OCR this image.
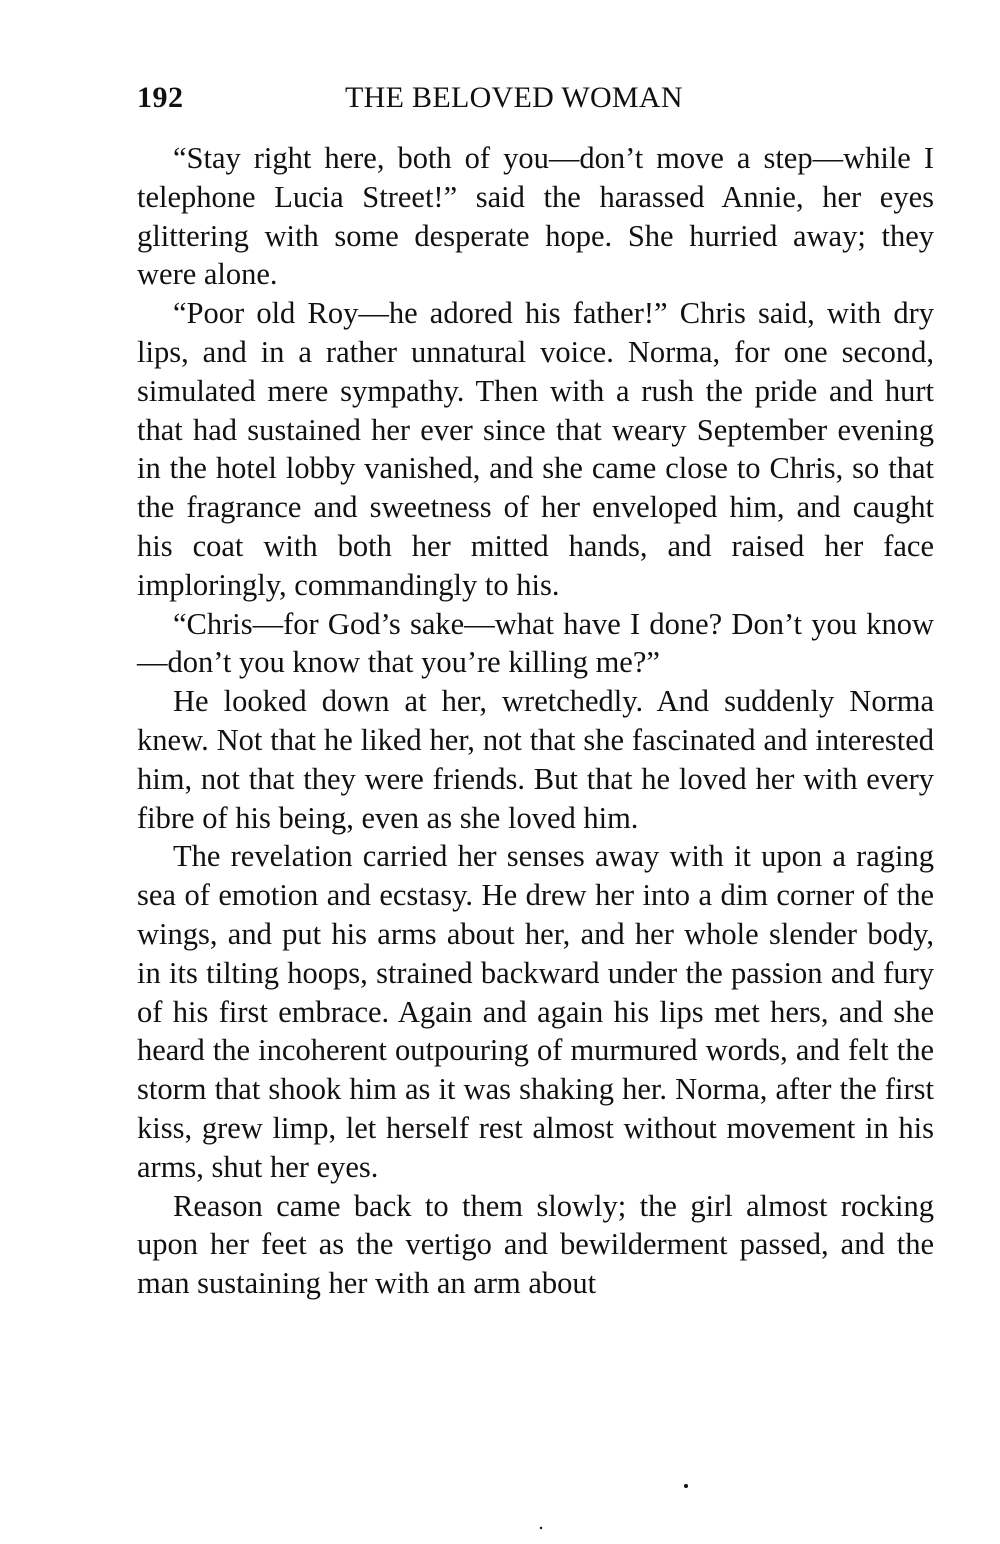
192	THE BELOVED WOMAN

“Stay right here, both of you—don’t move a step—while I telephone Lucia Street!” said the harassed Annie, her eyes glittering with some desperate hope. She hurried away; they were alone.

“Poor old Roy—he adored his father!” Chris said, with dry lips, and in a rather unnatural voice. Norma, for one second, simulated mere sympathy. Then with a rush the pride and hurt that had sustained her ever since that weary September evening in the hotel lobby vanished, and she came close to Chris, so that the fragrance and sweetness of her enveloped him, and caught his coat with both her mitted hands, and raised her face imploringly, commandingly to his.

“Chris—for God’s sake—what have I done? Don’t you know—don’t you know that you’re killing me?”

He looked down at her, wretchedly. And suddenly Norma knew. Not that he liked her, not that she fascinated and interested him, not that they were friends. But that he loved her with every fibre of his being, even as she loved him.

The revelation carried her senses away with it upon a raging sea of emotion and ecstasy. He drew her into a dim corner of the wings, and put his arms about her, and her whole slender body, in its tilting hoops, strained backward under the passion and fury of his first embrace. Again and again his lips met hers, and she heard the incoherent outpouring of murmured words, and felt the storm that shook him as it was shaking her. Norma, after the first kiss, grew limp, let herself rest almost without movement in his arms, shut her eyes.

Reason came back to them slowly; the girl almost rocking upon her feet as the vertigo and bewilderment passed, and the man sustaining her with an arm about
